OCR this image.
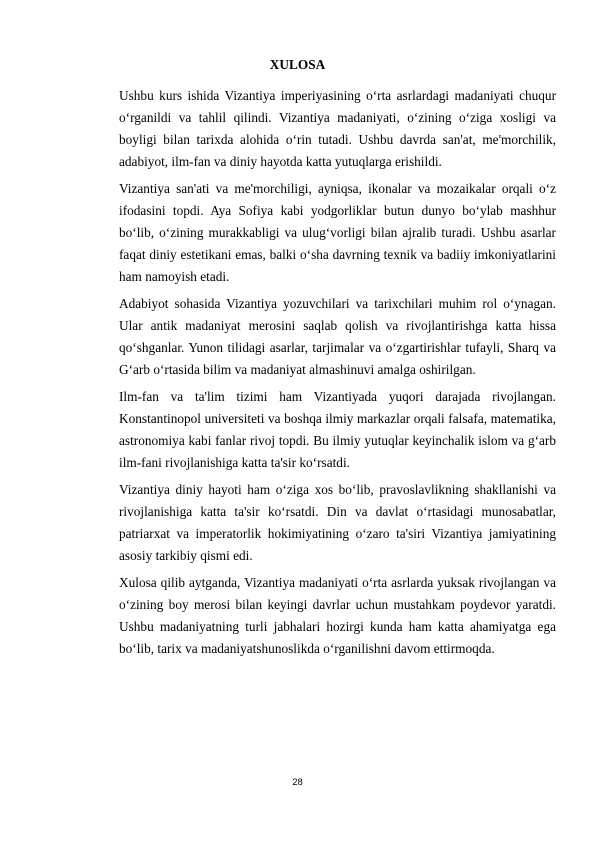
XULOSA

Ushbu kurs ishida Vizantiya imperiyasining o‘rta asrlardagi madaniyati chuqur o‘rganildi va tahlil qilindi. Vizantiya madaniyati, o‘zining o‘ziga xosligi va boyligi bilan tarixda alohida o‘rin tutadi. Ushbu davrda san'at, me'morchilik, adabiyot, ilm-fan va diniy hayotda katta yutuqlarga erishildi.

Vizantiya san'ati va me'morchiligi, ayniqsa, ikonalar va mozaikalar orqali o‘z ifodasini topdi. Aya Sofiya kabi yodgorliklar butun dunyo bo‘ylab mashhur bo‘lib, o‘zining murakkabligi va ulug‘vorligi bilan ajralib turadi. Ushbu asarlar faqat diniy estetikani emas, balki o‘sha davrning texnik va badiiy imkoniyatlarini ham namoyish etadi.

Adabiyot sohasida Vizantiya yozuvchilari va tarixchilari muhim rol o‘ynagan. Ular antik madaniyat merosini saqlab qolish va rivojlantirishga katta hissa qo‘shganlar. Yunon tilidagi asarlar, tarjimalar va o‘zgartirishlar tufayli, Sharq va G‘arb o‘rtasida bilim va madaniyat almashinuvi amalga oshirilgan.

Ilm-fan va ta'lim tizimi ham Vizantiyada yuqori darajada rivojlangan. Konstantinopol universiteti va boshqa ilmiy markazlar orqali falsafa, matematika, astronomiya kabi fanlar rivoj topdi. Bu ilmiy yutuqlar keyinchalik islom va g‘arb ilm-fani rivojlanishiga katta ta'sir ko‘rsatdi.

Vizantiya diniy hayoti ham o‘ziga xos bo‘lib, pravoslavlikning shakllanishi va rivojlanishiga katta ta'sir ko‘rsatdi. Din va davlat o‘rtasidagi munosabatlar, patriarxat va imperatorlik hokimiyatining o‘zaro ta'siri Vizantiya jamiyatining asosiy tarkibiy qismi edi.

Xulosa qilib aytganda, Vizantiya madaniyati o‘rta asrlarda yuksak rivojlangan va o‘zining boy merosi bilan keyingi davrlar uchun mustahkam poydevor yaratdi. Ushbu madaniyatning turli jabhalari hozirgi kunda ham katta ahamiyatga ega bo‘lib, tarix va madaniyatshunoslikda o‘rganilishni davom ettirmoqda.

28
